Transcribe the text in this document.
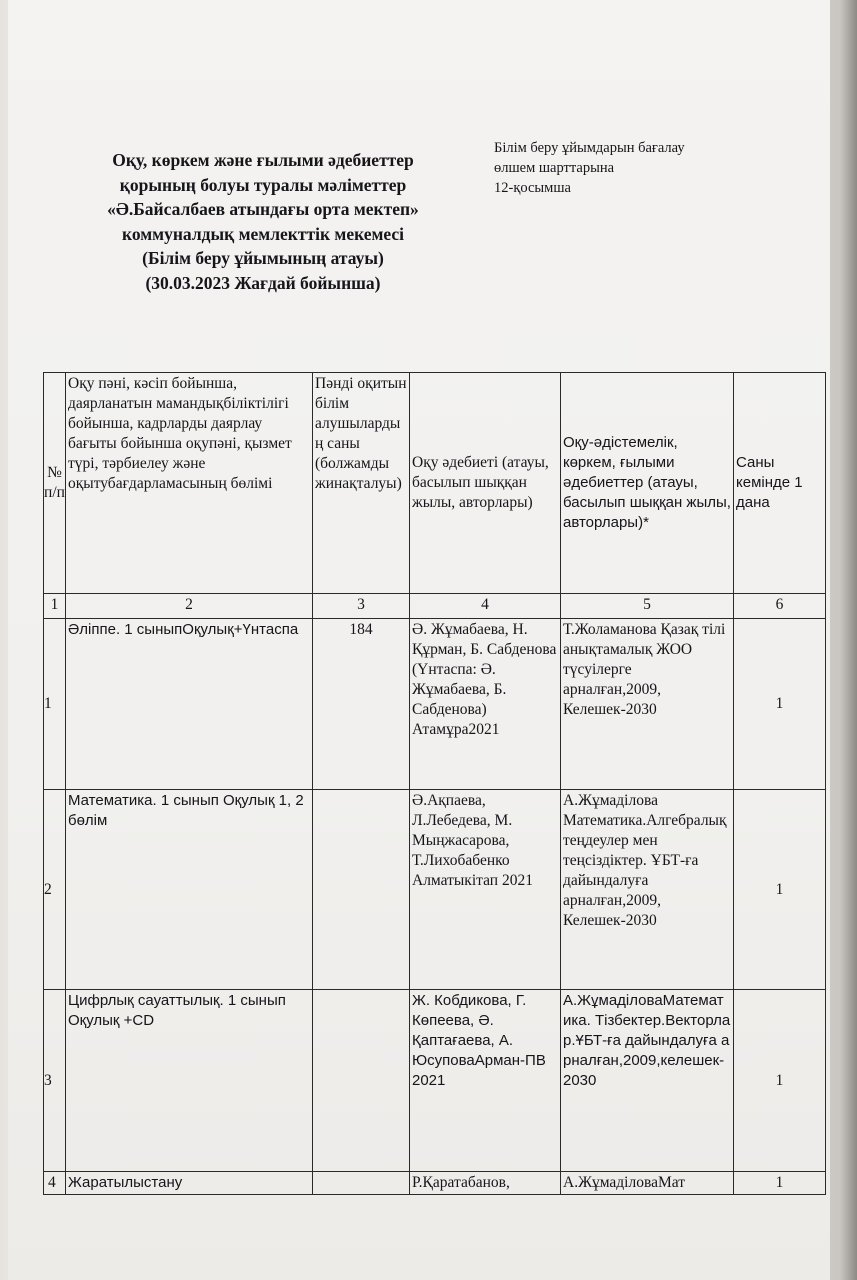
Оқу, көркем және ғылыми әдебиеттер
қорының болуы туралы мәліметтер
«Ә.Байсалбаев атындағы орта мектеп»
коммуналдық мемлекттік мекемесі
(Білім беру ұйымының атауы)
(30.03.2023 Жағдай бойынша)
Білім беру ұйымдарын бағалау
өлшем шарттарына
12-қосымша
№ п/п	Оқу пәні, кәсіп бойынша, даярланатын мамандықбіліктілігі бойынша, кадрларды даярлау бағыты бойынша оқупәні, қызмет түрі, тәрбиелеу және оқытубағдарламасының бөлімі	Пәнді оқитын білім алушылардың саны (болжамды жинақталуы)	Оқу әдебиеті (атауы, басылып шыққан жылы, авторлары)	Оқу-әдістемелік, көркем, ғылыми әдебиеттер (атауы, басылып шыққан жылы, авторлары)*	Саны кемінде 1 дана
1	2	3	4	5	6
1	Әліппе. 1 сыныпОқулық+Үнтаспа	184	Ә. Жұмабаева, Н. Құрман, Б. Сабденова (Үнтаспа: Ә. Жұмабаева, Б. Сабденова) Атамұра2021	Т.Жоламанова Қазақ тілі анықтамалық ЖОО түсуілерге арналған,2009, Келешек-2030	1
2	Математика. 1 сынып Оқулық 1, 2 бөлім		Ә.Ақпаева, Л.Лебедева, М. Мыңжасарова, Т.Лихобабенко Алматыкітап 2021	А.Жұмаділова Математика.Алгебралық теңдеулер мен теңсіздіктер. ҰБТ-ға дайындалуға арналған,2009, Келешек-2030	1
3	Цифрлық сауаттылық. 1 сынып Оқулық +CD		Ж. Кобдикова, Г. Көпеева, Ә. Қаптағаева, А. ЮсуповаАрман-ПВ 2021	А.ЖұмаділоваМатематика. Тізбектер.Векторлар.ҰБТ-ға дайындалуға арналған,2009,келешек-2030	1
4	Жаратылыстану		Р.Қаратабанов,	А.ЖұмаділоваМат	1
